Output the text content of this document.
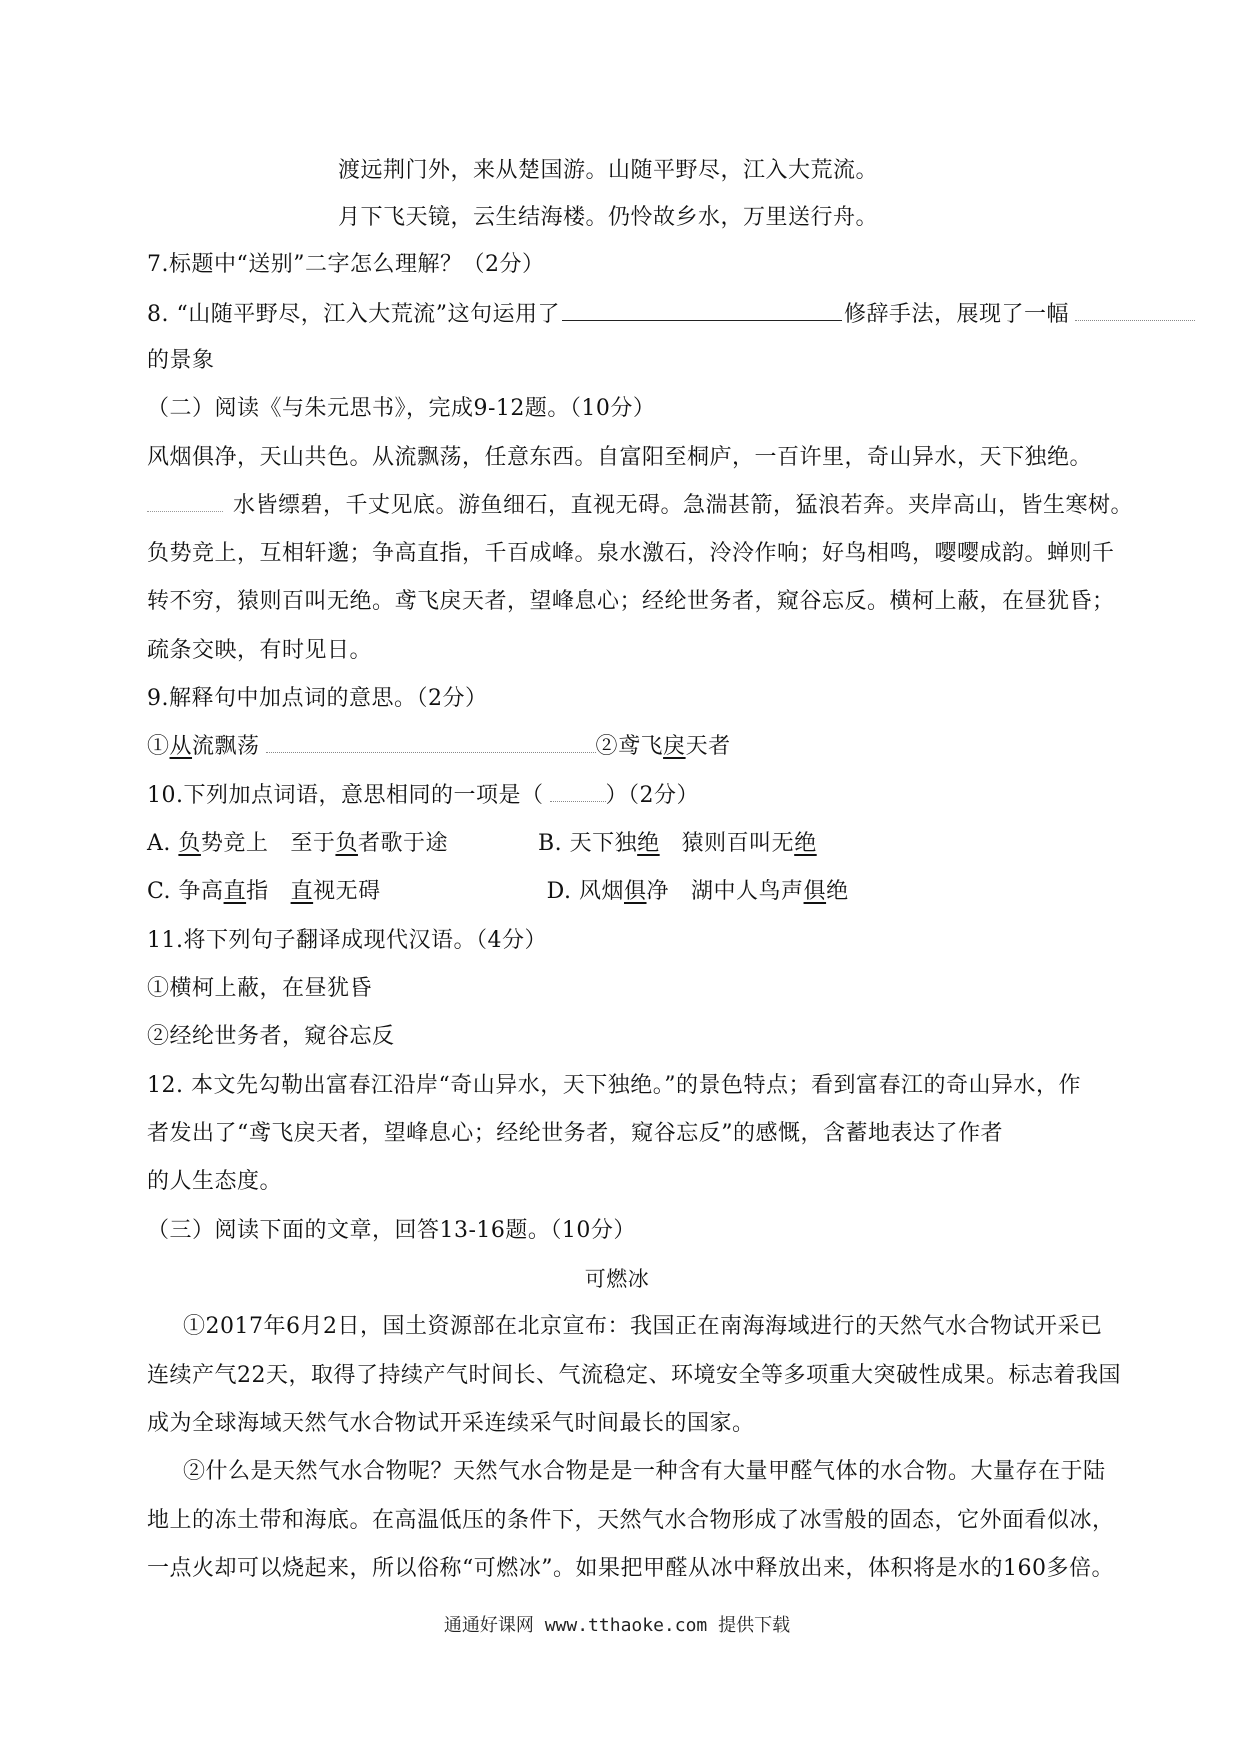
渡远荆门外，来从楚国游。山随平野尽，江入大荒流。
月下飞天镜，云生结海楼。仍怜故乡水，万里送行舟。
7.标题中“送别”二字怎么理解？（2分）
8. “山随平野尽，江入大荒流”这句运用了	修辞手法，展现了一幅
的景象
（二）阅读《与朱元思书》，完成9-12题。（10分）
风烟俱净，天山共色。从流飘荡，任意东西。自富阳至桐庐，一百许里，奇山异水，天下独绝。
水皆缥碧，千丈见底。游鱼细石，直视无碍。急湍甚箭，猛浪若奔。夹岸高山，皆生寒树。
负势竞上，互相轩邈；争高直指，千百成峰。泉水激石，泠泠作响；好鸟相鸣，嘤嘤成韵。蝉则千
转不穷，猿则百叫无绝。鸢飞戾天者，望峰息心；经纶世务者，窥谷忘反。横柯上蔽，在昼犹昏；
疏条交映，有时见日。
9.解释句中加点词的意思。（2分）
①从流飘荡	②鸢飞戾天者
10.下列加点词语，意思相同的一项是（	）（2分）
A. 负势竞上 至于负者歌于途	B. 天下独绝 猿则百叫无绝
C. 争高直指 直视无碍	D. 风烟俱净 湖中人鸟声俱绝
11.将下列句子翻译成现代汉语。（4分）
①横柯上蔽，在昼犹昏
②经纶世务者，窥谷忘反
12. 本文先勾勒出富春江沿岸“奇山异水，天下独绝。”的景色特点；看到富春江的奇山异水，作
者发出了“鸢飞戾天者，望峰息心；经纶世务者，窥谷忘反”的感慨，含蓄地表达了作者
的人生态度。
（三）阅读下面的文章，回答13-16题。（10分）
可燃冰
①2017年6月2日，国土资源部在北京宣布：我国正在南海海域进行的天然气水合物试开采已
连续产气22天，取得了持续产气时间长、气流稳定、环境安全等多项重大突破性成果。标志着我国
成为全球海域天然气水合物试开采连续采气时间最长的国家。
②什么是天然气水合物呢？天然气水合物是是一种含有大量甲醛气体的水合物。大量存在于陆
地上的冻土带和海底。在高温低压的条件下，天然气水合物形成了冰雪般的固态，它外面看似冰，
一点火却可以烧起来，所以俗称“可燃冰”。如果把甲醛从冰中释放出来，体积将是水的160多倍。
通通好课网 www.tthaoke.com 提供下载
